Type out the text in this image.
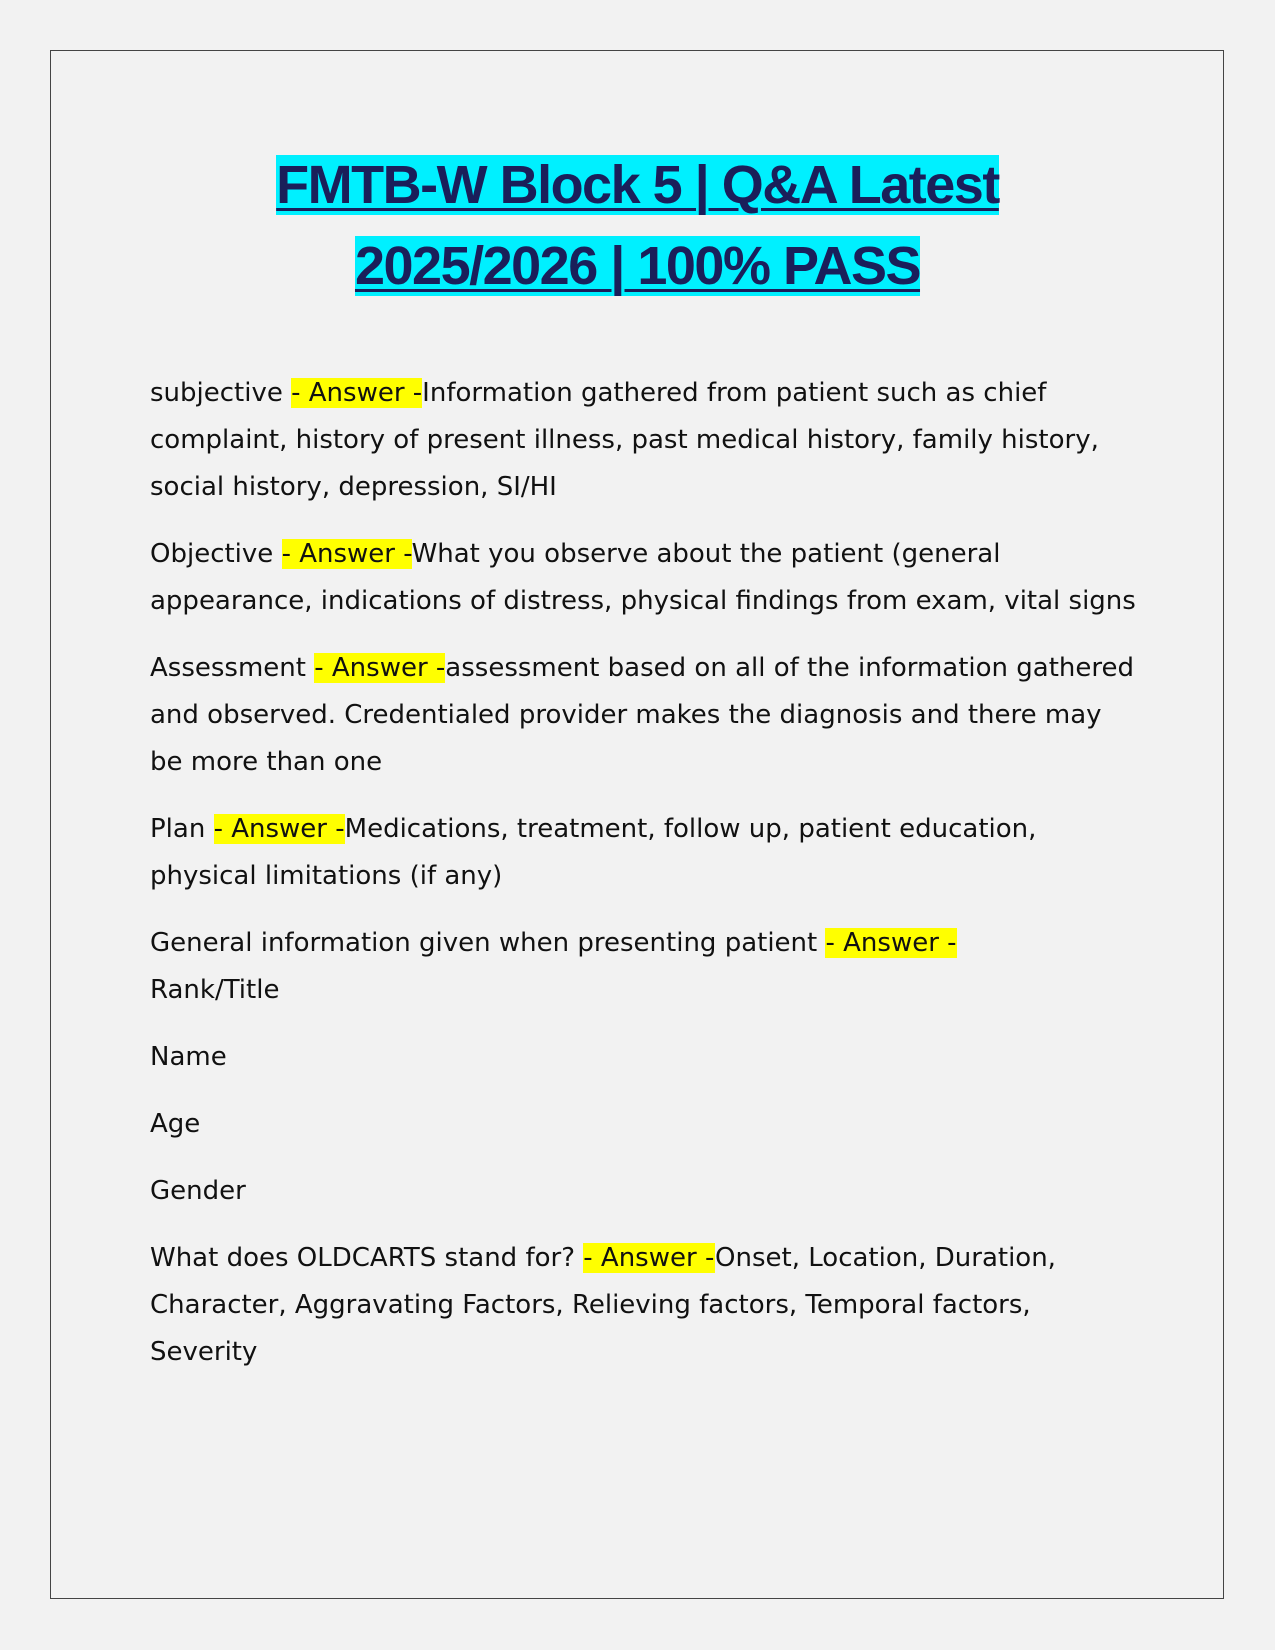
FMTB-W Block 5 | Q&A Latest
2025/2026 | 100% PASS

subjective - Answer -Information gathered from patient such as chief complaint, history of present illness, past medical history, family history, social history, depression, SI/HI

Objective - Answer -What you observe about the patient (general appearance, indications of distress, physical findings from exam, vital signs

Assessment - Answer -assessment based on all of the information gathered and observed. Credentialed provider makes the diagnosis and there may be more than one

Plan - Answer -Medications, treatment, follow up, patient education, physical limitations (if any)

General information given when presenting patient - Answer -
Rank/Title

Name

Age

Gender

What does OLDCARTS stand for? - Answer -Onset, Location, Duration, Character, Aggravating Factors, Relieving factors, Temporal factors, Severity
